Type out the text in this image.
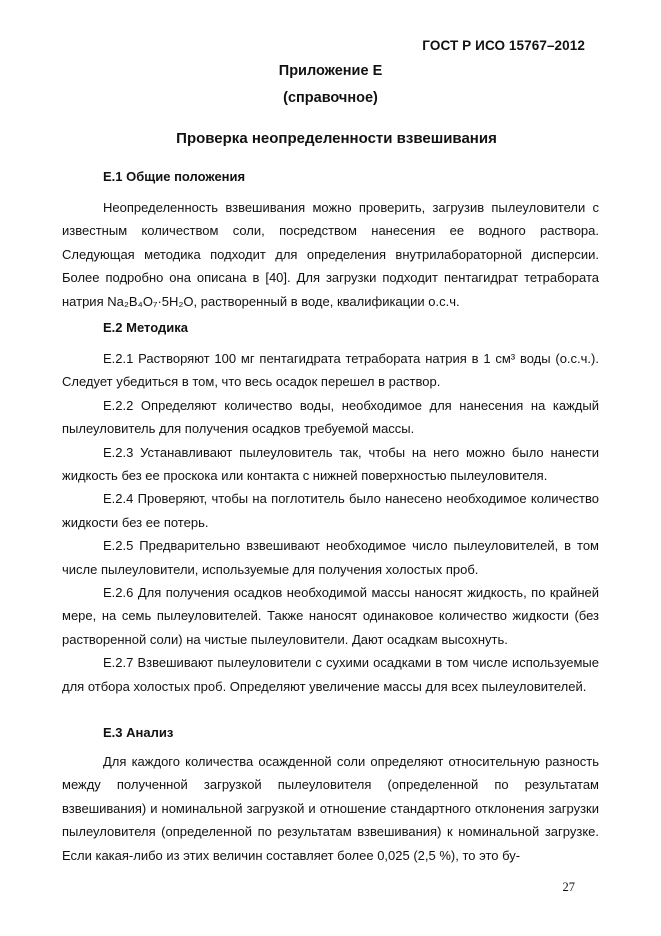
ГОСТ Р ИСО 15767–2012
Приложение Е
(справочное)
Проверка неопределенности взвешивания

Е.1 Общие положения

Неопределенность взвешивания можно проверить, загрузив пылеуловители с известным количеством соли, посредством нанесения ее водного раствора. Следующая методика подходит для определения внутрилабораторной дисперсии. Более подробно она описана в [40]. Для загрузки подходит пентагидрат тетрабората натрия Na₂B₄O₇·5H₂O, растворенный в воде, квалификации о.с.ч.

Е.2 Методика

Е.2.1 Растворяют 100 мг пентагидрата тетрабората натрия в 1 см³ воды (о.с.ч.). Следует убедиться в том, что весь осадок перешел в раствор.

Е.2.2 Определяют количество воды, необходимое для нанесения на каждый пылеуловитель для получения осадков требуемой массы.

Е.2.3 Устанавливают пылеуловитель так, чтобы на него можно было нанести жидкость без ее проскока или контакта с нижней поверхностью пылеуловителя.

Е.2.4 Проверяют, чтобы на поглотитель было нанесено необходимое количество жидкости без ее потерь.

Е.2.5 Предварительно взвешивают необходимое число пылеуловителей, в том числе пылеуловители, используемые для получения холостых проб.

Е.2.6 Для получения осадков необходимой массы наносят жидкость, по крайней мере, на семь пылеуловителей. Также наносят одинаковое количество жидкости (без растворенной соли) на чистые пылеуловители. Дают осадкам высохнуть.

Е.2.7 Взвешивают пылеуловители с сухими осадками в том числе используемые для отбора холостых проб. Определяют увеличение массы для всех пылеуловителей.

Е.3 Анализ

Для каждого количества осажденной соли определяют относительную разность между полученной загрузкой пылеуловителя (определенной по результатам взвешивания) и номинальной загрузкой и отношение стандартного отклонения загрузки пылеуловителя (определенной по результатам взвешивания) к номинальной загрузке. Если какая-либо из этих величин составляет более 0,025 (2,5 %), то это бу-

27
